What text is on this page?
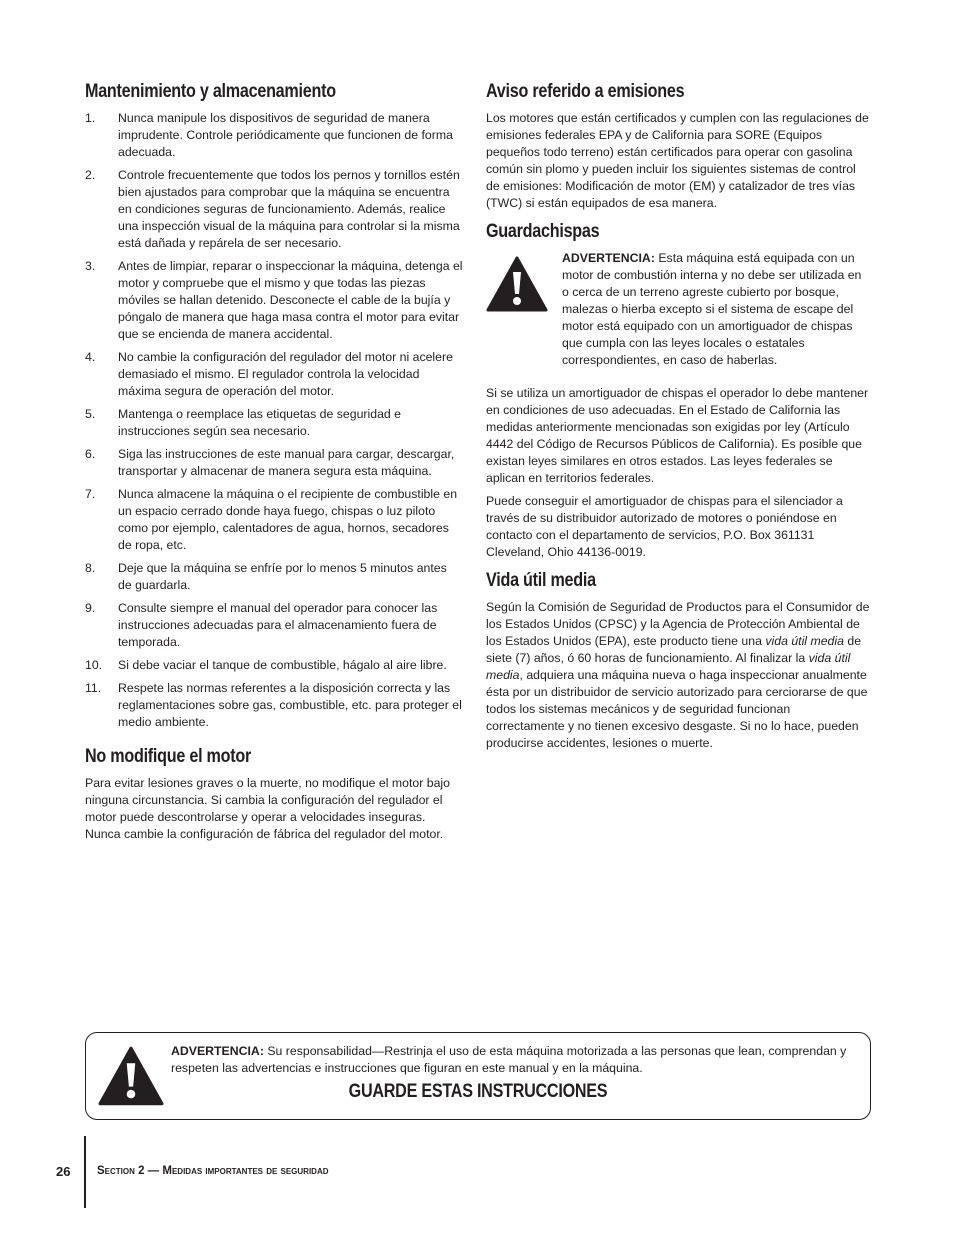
Mantenimiento y almacenamiento
1. Nunca manipule los dispositivos de seguridad de manera imprudente. Controle periódicamente que funcionen de forma adecuada.
2. Controle frecuentemente que todos los pernos y tornillos estén bien ajustados para comprobar que la máquina se encuentra en condiciones seguras de funcionamiento. Además, realice una inspección visual de la máquina para controlar si la misma está dañada y repárela de ser necesario.
3. Antes de limpiar, reparar o inspeccionar la máquina, detenga el motor y compruebe que el mismo y que todas las piezas móviles se hallan detenido. Desconecte el cable de la bujía y póngalo de manera que haga masa contra el motor para evitar que se encienda de manera accidental.
4. No cambie la configuración del regulador del motor ni acelere demasiado el mismo. El regulador controla la velocidad máxima segura de operación del motor.
5. Mantenga o reemplace las etiquetas de seguridad e instrucciones según sea necesario.
6. Siga las instrucciones de este manual para cargar, descargar, transportar y almacenar de manera segura esta máquina.
7. Nunca almacene la máquina o el recipiente de combustible en un espacio cerrado donde haya fuego, chispas o luz piloto como por ejemplo, calentadores de agua, hornos, secadores de ropa, etc.
8. Deje que la máquina se enfríe por lo menos 5 minutos antes de guardarla.
9. Consulte siempre el manual del operador para conocer las instrucciones adecuadas para el almacenamiento fuera de temporada.
10. Si debe vaciar el tanque de combustible, hágalo al aire libre.
11. Respete las normas referentes a la disposición correcta y las reglamentaciones sobre gas, combustible, etc. para proteger el medio ambiente.
No modifique el motor

Para evitar lesiones graves o la muerte, no modifique el motor bajo ninguna circunstancia. Si cambia la configuración del regulador el motor puede descontrolarse y operar a velocidades inseguras. Nunca cambie la configuración de fábrica del regulador del motor.

Aviso referido a emisiones

Los motores que están certificados y cumplen con las regulaciones de emisiones federales EPA y de California para SORE (Equipos pequeños todo terreno) están certificados para operar con gasolina común sin plomo y pueden incluir los siguientes sistemas de control de emisiones: Modificación de motor (EM) y catalizador de tres vías (TWC) si están equipados de esa manera.

Guardachispas
ADVERTENCIA: Esta máquina está equipada con un motor de combustión interna y no debe ser utilizada en o cerca de un terreno agreste cubierto por bosque, malezas o hierba excepto si el sistema de escape del motor está equipado con un amortiguador de chispas que cumpla con las leyes locales o estatales correspondientes, en caso de haberlas.

Si se utiliza un amortiguador de chispas el operador lo debe mantener en condiciones de uso adecuadas. En el Estado de California las medidas anteriormente mencionadas son exigidas por ley (Artículo 4442 del Código de Recursos Públicos de California). Es posible que existan leyes similares en otros estados. Las leyes federales se aplican en territorios federales.

Puede conseguir el amortiguador de chispas para el silenciador a través de su distribuidor autorizado de motores o poniéndose en contacto con el departamento de servicios, P.O. Box 361131 Cleveland, Ohio 44136-0019.

Vida útil media

Según la Comisión de Seguridad de Productos para el Consumidor de los Estados Unidos (CPSC) y la Agencia de Protección Ambiental de los Estados Unidos (EPA), este producto tiene una vida útil media de siete (7) años, ó 60 horas de funcionamiento. Al finalizar la vida útil media, adquiera una máquina nueva o haga inspeccionar anualmente ésta por un distribuidor de servicio autorizado para cerciorarse de que todos los sistemas mecánicos y de seguridad funcionan correctamente y no tienen excesivo desgaste. Si no lo hace, pueden producirse accidentes, lesiones o muerte.

ADVERTENCIA: Su responsabilidad—Restrinja el uso de esta máquina motorizada a las personas que lean, comprendan y respeten las advertencias e instrucciones que figuran en este manual y en la máquina.
GUARDE ESTAS INSTRUCCIONES
26 Section 2 — Medidas importantes de seguridad
